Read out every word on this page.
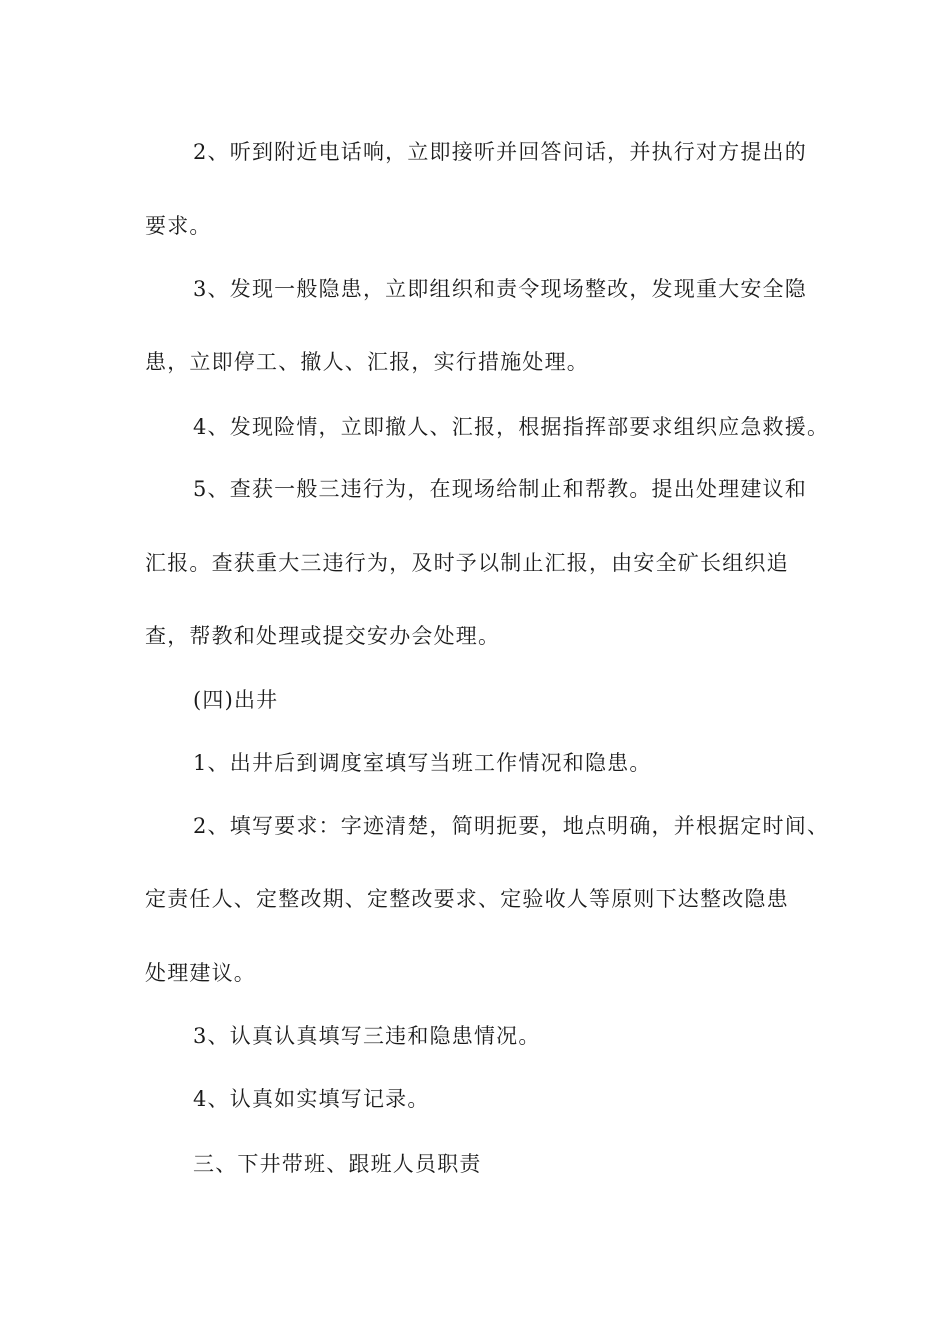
2、听到附近电话响，立即接听并回答问话，并执行对方提出的
要求。
3、发现一般隐患，立即组织和责令现场整改，发现重大安全隐
患，立即停工、撤人、汇报，实行措施处理。
4、发现险情，立即撤人、汇报，根据指挥部要求组织应急救援。
5、查获一般三违行为，在现场给制止和帮教。提出处理建议和
汇报。查获重大三违行为，及时予以制止汇报，由安全矿长组织追
查，帮教和处理或提交安办会处理。
(四)出井
1、出井后到调度室填写当班工作情况和隐患。
2、填写要求：字迹清楚，简明扼要，地点明确，并根据定时间、
定责任人、定整改期、定整改要求、定验收人等原则下达整改隐患
处理建议。
3、认真认真填写三违和隐患情况。
4、认真如实填写记录。
三、下井带班、跟班人员职责
